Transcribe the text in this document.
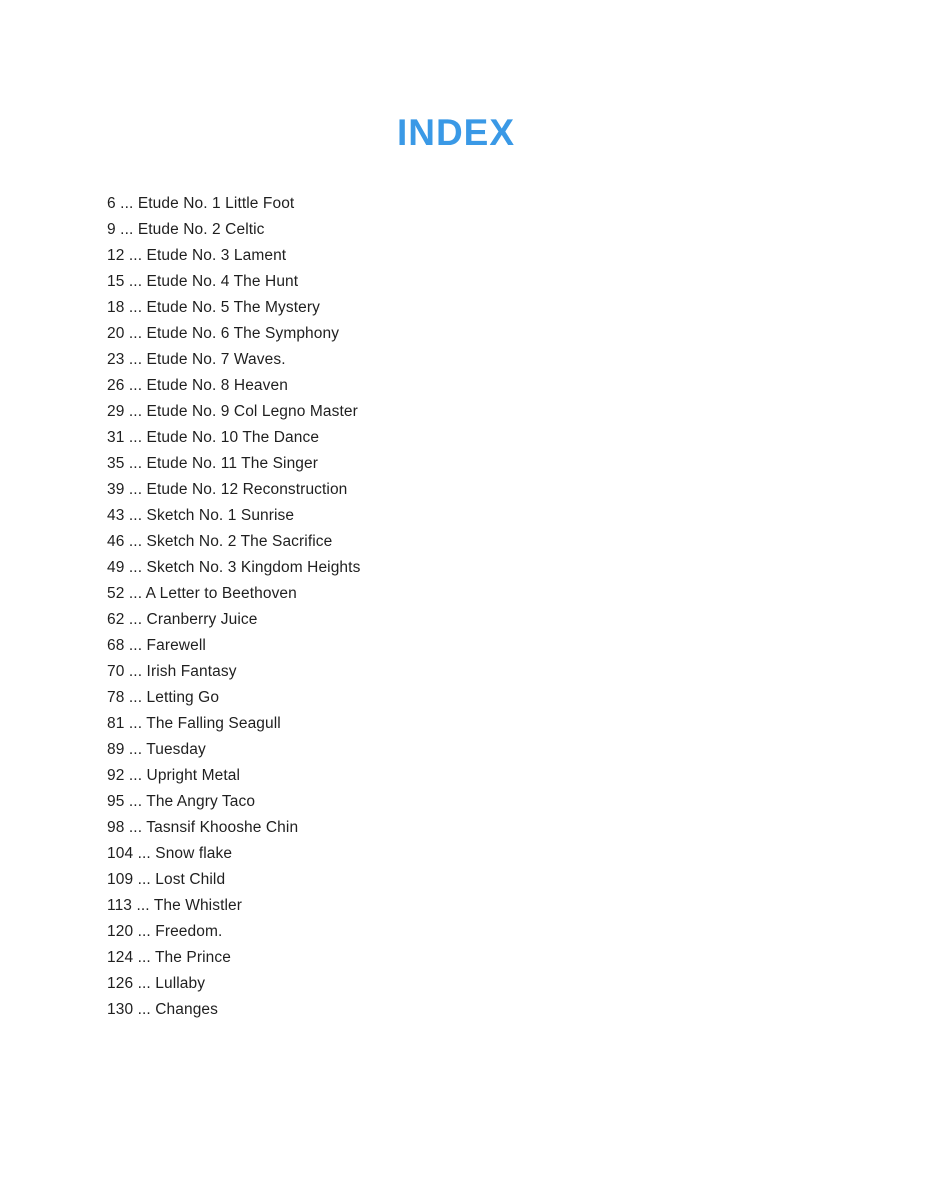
INDEX
6 ... Etude No. 1 Little Foot
9 ... Etude No. 2 Celtic
12 ... Etude No. 3 Lament
15 ... Etude No. 4 The Hunt
18 ... Etude No. 5 The Mystery
20 ... Etude No. 6 The Symphony
23 ... Etude No. 7 Waves.
26 ... Etude No. 8 Heaven
29 ... Etude No. 9 Col Legno Master
31 ... Etude No. 10 The Dance
35 ... Etude No. 11 The Singer
39 ... Etude No. 12 Reconstruction
43 ... Sketch No. 1 Sunrise
46 ... Sketch No. 2 The Sacrifice
49 ... Sketch No. 3 Kingdom Heights
52 ... A Letter to Beethoven
62 ... Cranberry Juice
68 ... Farewell
70 ... Irish Fantasy
78 ... Letting Go
81 ... The Falling Seagull
89 ... Tuesday
92 ... Upright Metal
95 ... The Angry Taco
98 ... Tasnsif Khooshe Chin
104 ... Snow flake
109 ... Lost Child
113 ... The Whistler
120 ... Freedom.
124 ... The Prince
126 ... Lullaby
130 ... Changes
